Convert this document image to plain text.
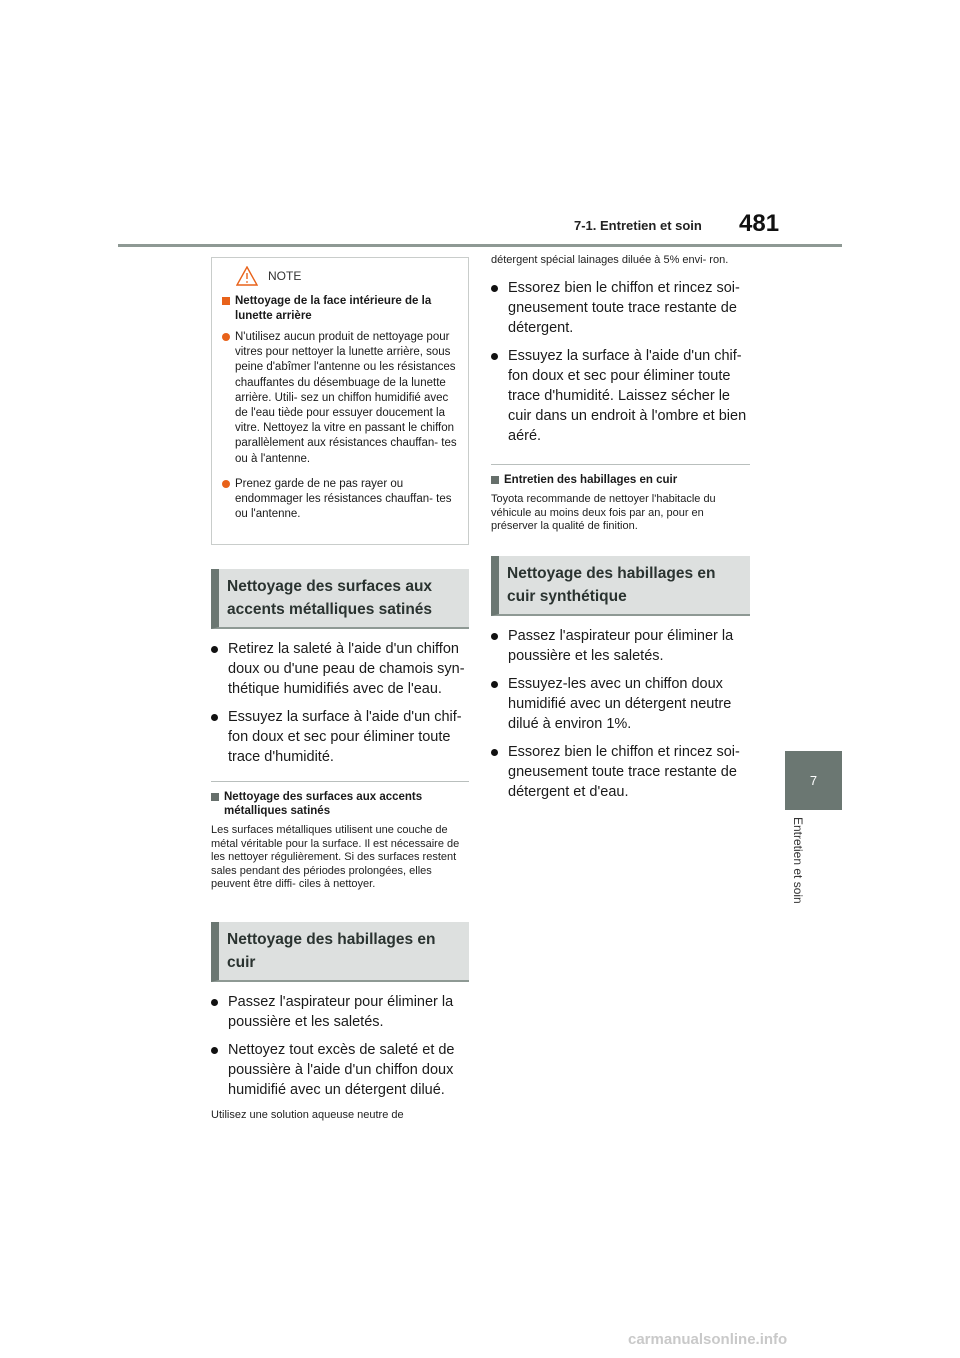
7-1. Entretien et soin 481
7
Entretien et soin
NOTE
Nettoyage de la face intérieure de la lunette arrière
N'utilisez aucun produit de nettoyage pour vitres pour nettoyer la lunette arrière, sous peine d'abîmer l'antenne ou les résistances chauffantes du désembuage de la lunette arrière. Utili- sez un chiffon humidifié avec de l'eau tiède pour essuyer doucement la vitre. Nettoyez la vitre en passant le chiffon parallèlement aux résistances chauffan- tes ou à l'antenne.
Prenez garde de ne pas rayer ou endommager les résistances chauffan- tes ou l'antenne.
Nettoyage des surfaces aux accents métalliques satinés
Retirez la saleté à l'aide d'un chiffon doux ou d'une peau de chamois syn- thétique humidifiés avec de l'eau.
Essuyez la surface à l'aide d'un chif- fon doux et sec pour éliminer toute trace d'humidité.
Nettoyage des surfaces aux accents métalliques satinés
Les surfaces métalliques utilisent une couche de métal véritable pour la surface. Il est nécessaire de les nettoyer régulièrement. Si des surfaces restent sales pendant des périodes prolongées, elles peuvent être diffi- ciles à nettoyer.
Nettoyage des habillages en cuir
Passez l'aspirateur pour éliminer la poussière et les saletés.
Nettoyez tout excès de saleté et de poussière à l'aide d'un chiffon doux humidifié avec un détergent dilué.
Utilisez une solution aqueuse neutre de
détergent spécial lainages diluée à 5% envi- ron.
Essorez bien le chiffon et rincez soi- gneusement toute trace restante de détergent.
Essuyez la surface à l'aide d'un chif- fon doux et sec pour éliminer toute trace d'humidité. Laissez sécher le cuir dans un endroit à l'ombre et bien aéré.
Entretien des habillages en cuir
Toyota recommande de nettoyer l'habitacle du véhicule au moins deux fois par an, pour en préserver la qualité de finition.
Nettoyage des habillages en cuir synthétique
Passez l'aspirateur pour éliminer la poussière et les saletés.
Essuyez-les avec un chiffon doux humidifié avec un détergent neutre dilué à environ 1%.
Essorez bien le chiffon et rincez soi- gneusement toute trace restante de détergent et d'eau.
carmanualsonline.info
